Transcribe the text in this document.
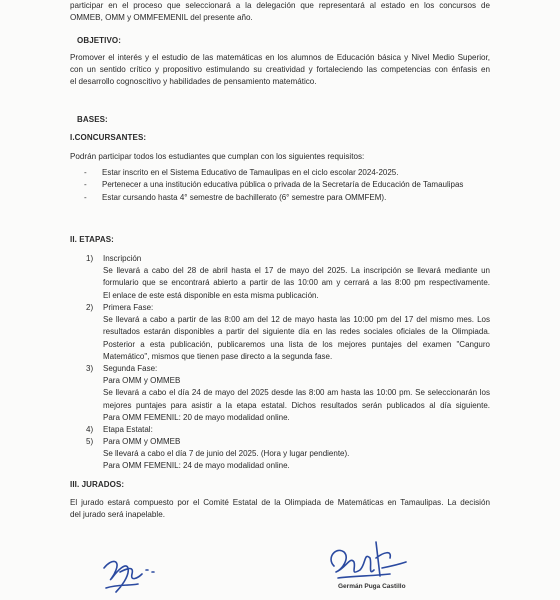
participar en el proceso que seleccionará a la delegación que representará al estado en los concursos de
OMMEB, OMM y OMMFEMENIL del presente año.
OBJETIVO:
Promover el interés y el estudio de las matemáticas en los alumnos de Educación básica y Nivel Medio Superior,
con un sentido crítico y propositivo estimulando su creatividad y fortaleciendo las competencias con énfasis en
el desarrollo cognoscitivo y habilidades de pensamiento matemático.
BASES:
I.CONCURSANTES:
Podrán participar todos los estudiantes que cumplan con los siguientes requisitos:
- Estar inscrito en el Sistema Educativo de Tamaulipas en el ciclo escolar 2024-2025.
- Pertenecer a una institución educativa pública o privada de la Secretaría de Educación de Tamaulipas
- Estar cursando hasta 4° semestre de bachillerato (6° semestre para OMMFEM).
II. ETAPAS:
1) Inscripción
Se llevará a cabo del 28 de abril hasta el 17 de mayo del 2025. La inscripción se llevará mediante un
formulario que se encontrará abierto a partir de las 10:00 am y cerrará a las 8:00 pm respectivamente.
El enlace de este está disponible en esta misma publicación.
2) Primera Fase:
Se llevará a cabo a partir de las 8:00 am del 12 de mayo hasta las 10:00 pm del 17 del mismo mes. Los
resultados estarán disponibles a partir del siguiente día en las redes sociales oficiales de la Olimpiada.
Posterior a esta publicación, publicaremos una lista de los mejores puntajes del examen "Canguro
Matemático", mismos que tienen pase directo a la segunda fase.
3) Segunda Fase:
Para OMM y OMMEB
Se llevará a cabo el día 24 de mayo del 2025 desde las 8:00 am hasta las 10:00 pm. Se seleccionarán los
mejores puntajes para asistir a la etapa estatal. Dichos resultados serán publicados al día siguiente.
Para OMM FEMENIL: 20 de mayo modalidad online.
4) Etapa Estatal:
5) Para OMM y OMMEB
Se llevará a cabo el día 7 de junio del 2025. (Hora y lugar pendiente).
Para OMM FEMENIL: 24 de mayo modalidad online.
III. JURADOS:
El jurado estará compuesto por el Comité Estatal de la Olimpiada de Matemáticas en Tamaulipas. La decisión
del jurado será inapelable.
Germán Puga Castillo
